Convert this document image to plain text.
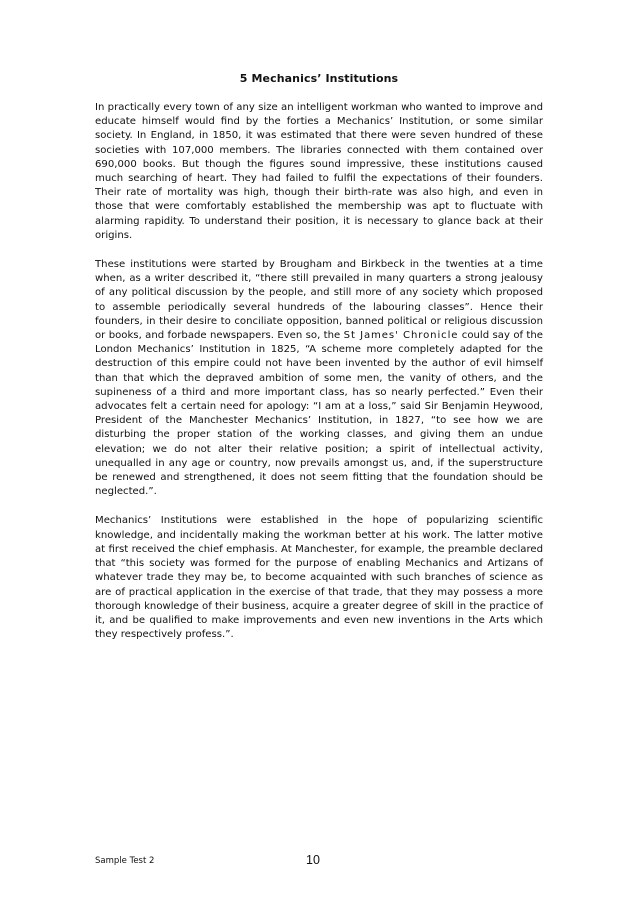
5 Mechanics’ Institutions

In practically every town of any size an intelligent workman who wanted to improve and educate himself would find by the forties a Mechanics’ Institution, or some similar society. In England, in 1850, it was estimated that there were seven hundred of these societies with 107,000 members. The libraries connected with them contained over 690,000 books. But though the figures sound impressive, these institutions caused much searching of heart. They had failed to fulfil the expectations of their founders. Their rate of mortality was high, though their birth-rate was also high, and even in those that were comfortably established the membership was apt to fluctuate with alarming rapidity. To understand their position, it is necessary to glance back at their origins.

These institutions were started by Brougham and Birkbeck in the twenties at a time when, as a writer described it, “there still prevailed in many quarters a strong jealousy of any political discussion by the people, and still more of any society which proposed to assemble periodically several hundreds of the labouring classes”. Hence their founders, in their desire to conciliate opposition, banned political or religious discussion or books, and forbade newspapers. Even so, the St James' Chronicle could say of the London Mechanics’ Institution in 1825, “A scheme more completely adapted for the destruction of this empire could not have been invented by the author of evil himself than that which the depraved ambition of some men, the vanity of others, and the supineness of a third and more important class, has so nearly perfected.” Even their advocates felt a certain need for apology: “I am at a loss,” said Sir Benjamin Heywood, President of the Manchester Mechanics’ Institution, in 1827, “to see how we are disturbing the proper station of the working classes, and giving them an undue elevation; we do not alter their relative position; a spirit of intellectual activity, unequalled in any age or country, now prevails amongst us, and, if the superstructure be renewed and strengthened, it does not seem fitting that the foundation should be neglected.”.

Mechanics’ Institutions were established in the hope of popularizing scientific knowledge, and incidentally making the workman better at his work. The latter motive at first received the chief emphasis. At Manchester, for example, the preamble declared that “this society was formed for the purpose of enabling Mechanics and Artizans of whatever trade they may be, to become acquainted with such branches of science as are of practical application in the exercise of that trade, that they may possess a more thorough knowledge of their business, acquire a greater degree of skill in the practice of it, and be qualified to make improvements and even new inventions in the Arts which they respectively profess.”.

Sample Test 2	10
